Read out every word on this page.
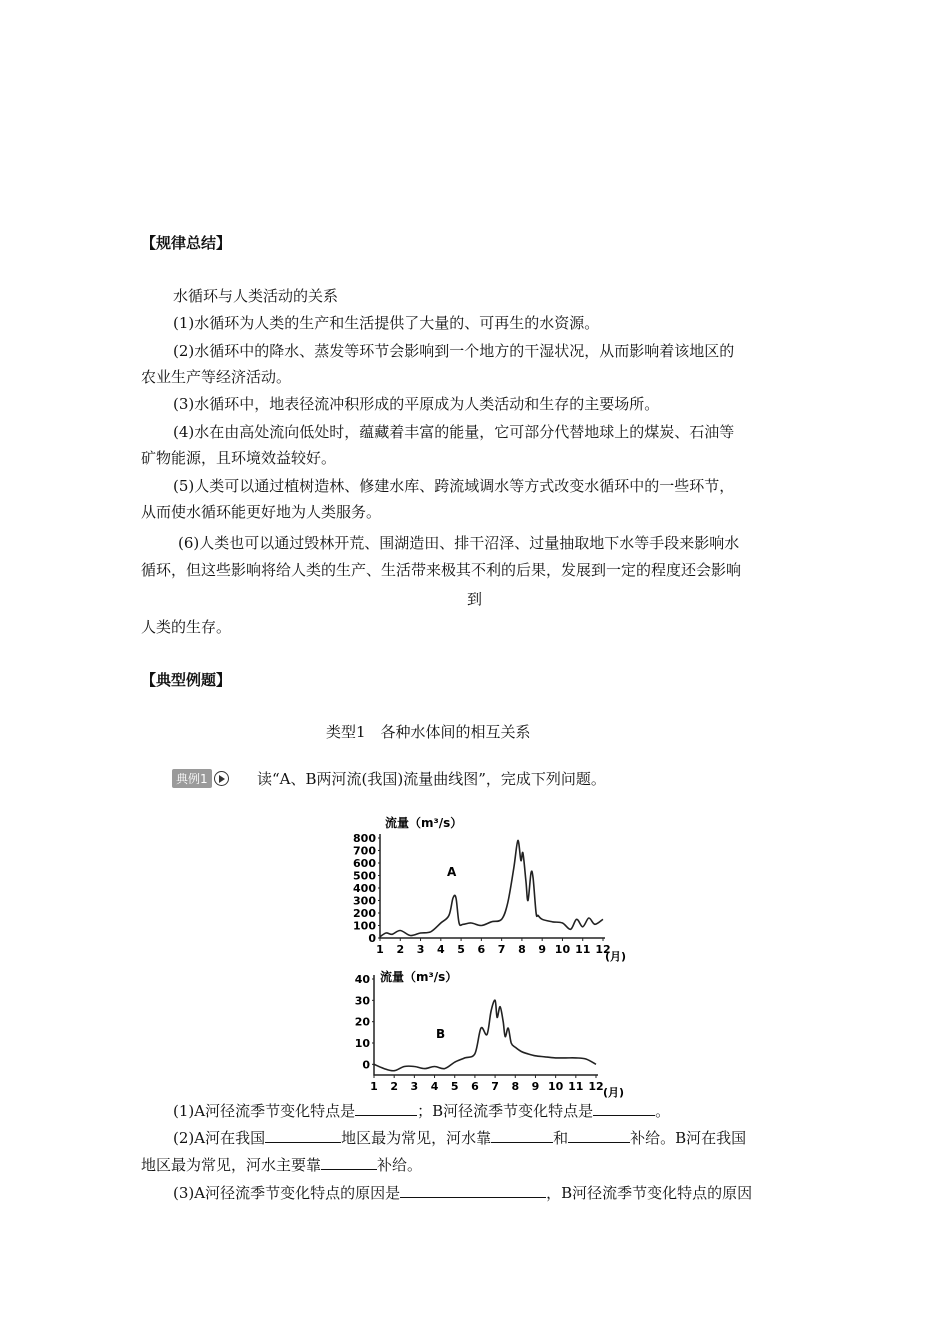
【规律总结】
水循环与人类活动的关系
(1)水循环为人类的生产和生活提供了大量的、可再生的水资源。
(2)水循环中的降水、蒸发等环节会影响到一个地方的干湿状况，从而影响着该地区的
农业生产等经济活动。
(3)水循环中，地表径流冲积形成的平原成为人类活动和生存的主要场所。
(4)水在由高处流向低处时，蕴藏着丰富的能量，它可部分代替地球上的煤炭、石油等
矿物能源，且环境效益较好。
(5)人类可以通过植树造林、修建水库、跨流域调水等方式改变水循环中的一些环节，
从而使水循环能更好地为人类服务。
(6)人类也可以通过毁林开荒、围湖造田、排干沼泽、过量抽取地下水等手段来影响水
循环，但这些影响将给人类的生产、生活带来极其不利的后果，发展到一定的程度还会影响
到
人类的生存。
【典型例题】
类型1　各种水体间的相互关系
典例1	读“A、B两河流(我国)流量曲线图”，完成下列问题。
流量（m³/s）
A
(月)
0
100
200
300
400
500
600
700
800
1 2 3 4 5 6 7 8 9 10 11 12
流量（m³/s）
B
(月)
0
10
20
30
40
1 2 3 4 5 6 7 8 9 10 11 12
(1)A河径流季节变化特点是	；B河径流季节变化特点是	。
(2)A河在我国	地区最为常见，河水靠	和	补给。B河在我国
地区最为常见，河水主要靠	补给。
(3)A河径流季节变化特点的原因是	，B河径流季节变化特点的原因
